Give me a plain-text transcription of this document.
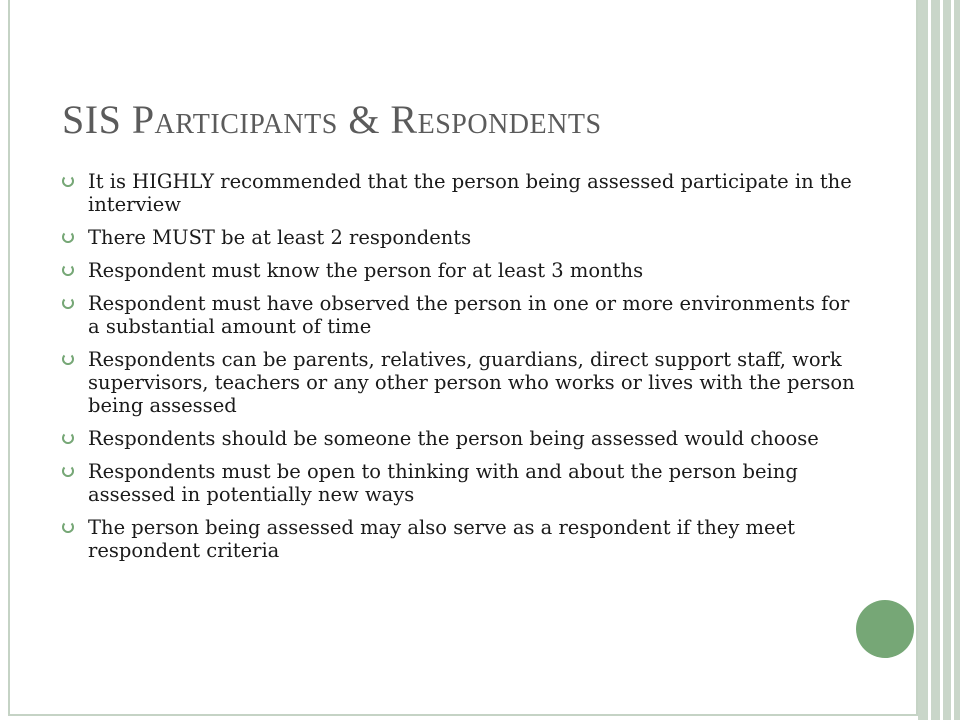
SIS Participants & Respondents
It is HIGHLY recommended that the person being assessed participate in the interview
There MUST be at least 2 respondents
Respondent must know the person for at least 3 months
Respondent must have observed the person in one or more environments for a substantial amount of time
Respondents can be parents, relatives, guardians, direct support staff, work supervisors, teachers or any other person who works or lives with the person being assessed
Respondents should be someone the person being assessed would choose
Respondents must be open to thinking with and about the person being assessed in potentially new ways
The person being assessed may also serve as a respondent if they meet respondent criteria
